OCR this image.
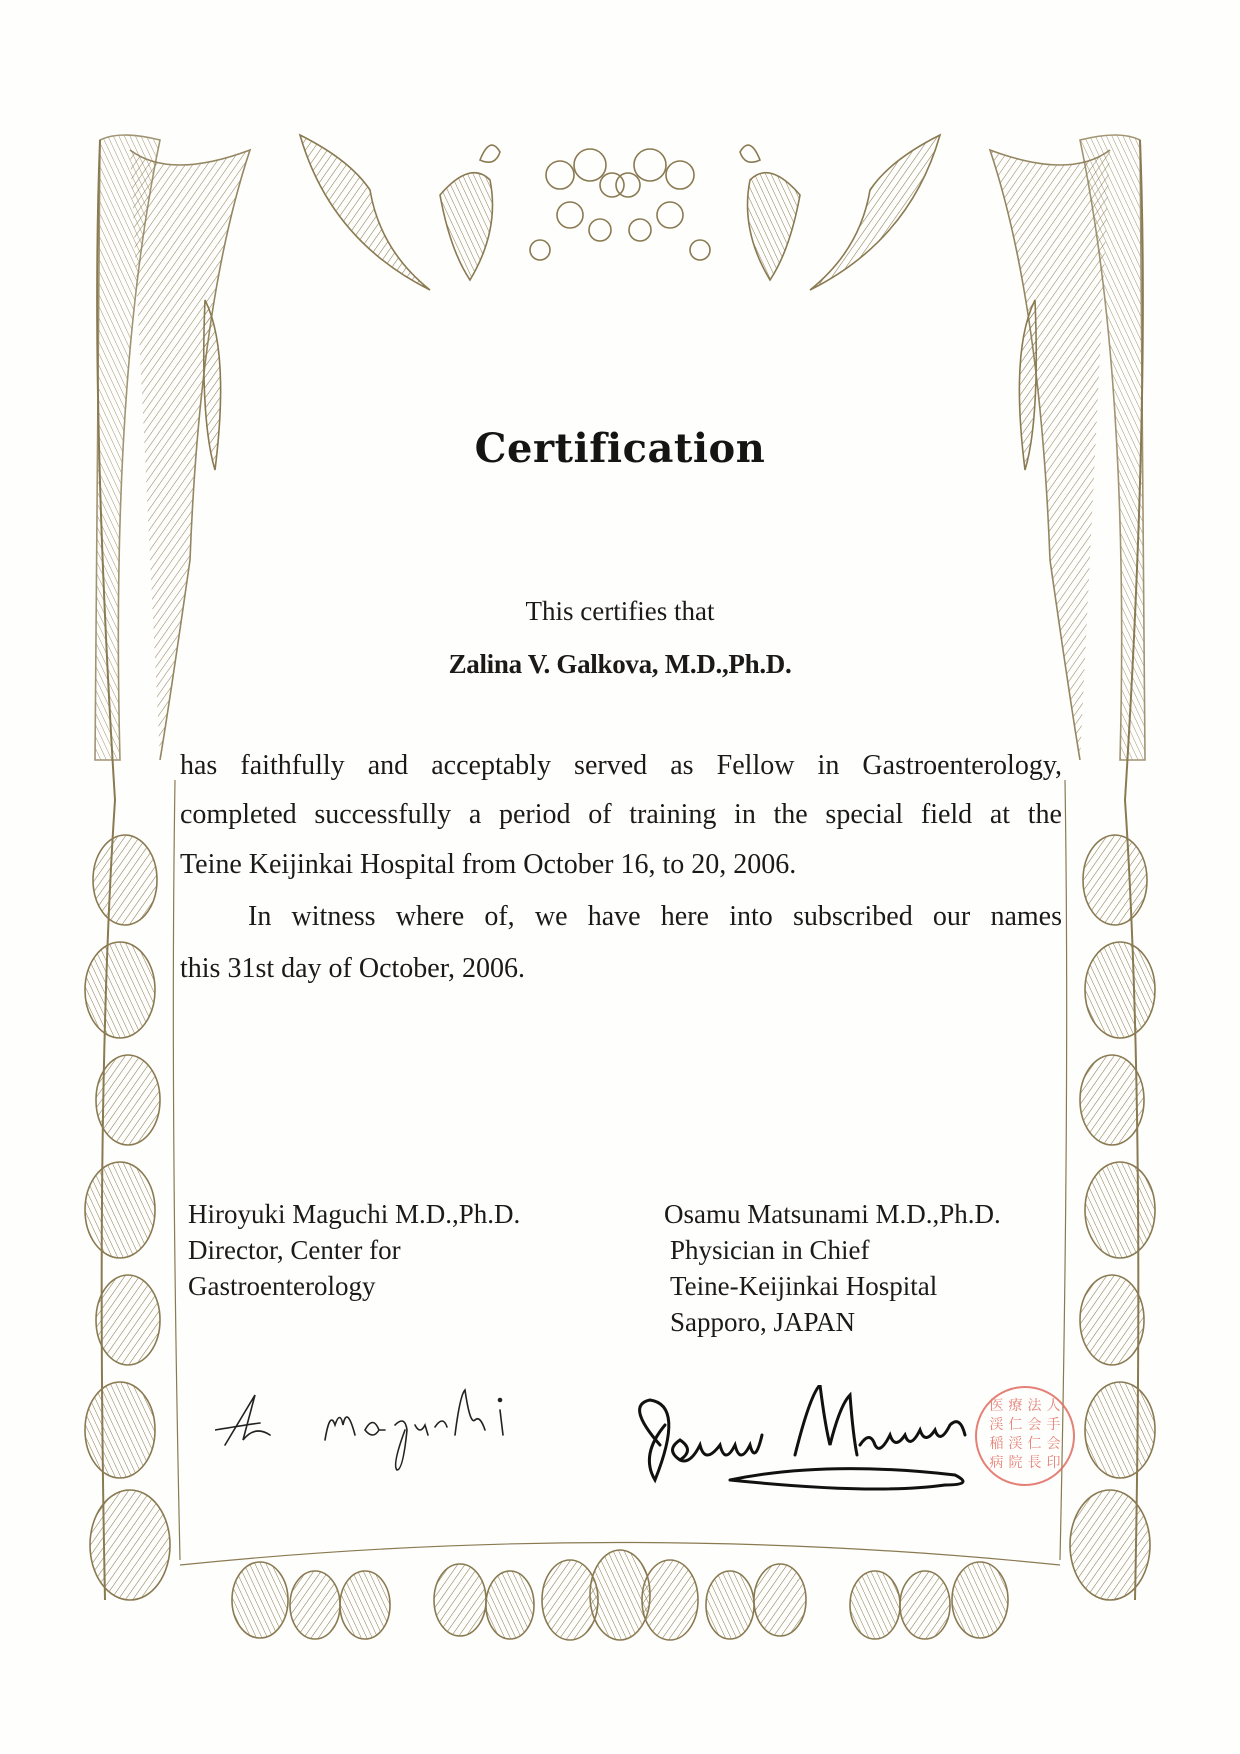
Certification
This certifies that
Zalina V. Galkova, M.D.,Ph.D.
has faithfully and acceptably served as Fellow in Gastroenterology,
completed successfully a period of training in the special field at the
Teine Keijinkai Hospital from October 16, to 20, 2006.
In witness where of, we have here into subscribed our names
this 31st day of October, 2006.
Hiroyuki Maguchi M.D.,Ph.D.
Director, Center for
Gastroenterology
Osamu Matsunami M.D.,Ph.D.
Physician in Chief
Teine-Keijinkai Hospital
Sapporo, JAPAN
医 療 法 人
渓 仁 会 手
稲 渓 仁 会
病 院 長 印
